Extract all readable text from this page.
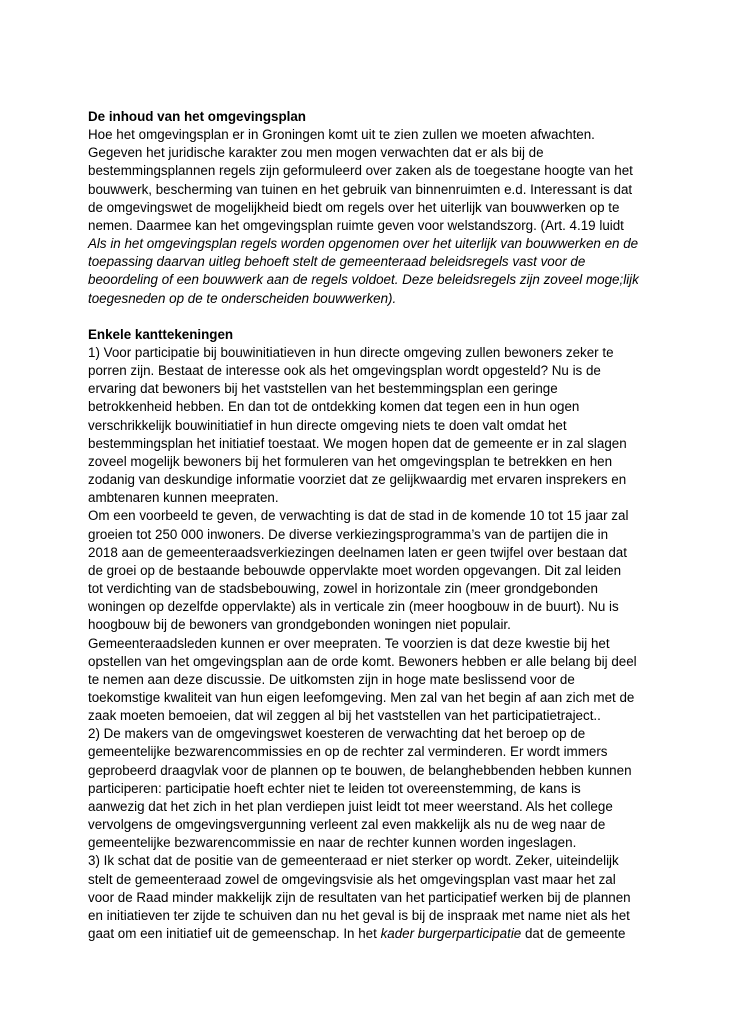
De inhoud van het omgevingsplan

Hoe het omgevingsplan er in Groningen komt uit te zien zullen we moeten afwachten.
Gegeven het juridische karakter zou men mogen verwachten dat er als bij de
bestemmingsplannen regels zijn geformuleerd over zaken als de toegestane hoogte van het
bouwwerk, bescherming van tuinen en het gebruik van binnenruimten e.d. Interessant is dat
de omgevingswet de mogelijkheid biedt om regels over het uiterlijk van bouwwerken op te
nemen. Daarmee kan het omgevingsplan ruimte geven voor welstandszorg. (Art. 4.19 luidt
Als in het omgevingsplan regels worden opgenomen over het uiterlijk van bouwwerken en de
toepassing daarvan uitleg behoeft stelt de gemeenteraad beleidsregels vast voor de
beoordeling of een bouwwerk aan de regels voldoet. Deze beleidsregels zijn zoveel moge;lijk
toegesneden op de te onderscheiden bouwwerken).

Enkele kanttekeningen

1) Voor participatie bij bouwinitiatieven in hun directe omgeving zullen bewoners zeker te
porren zijn. Bestaat de interesse ook als het omgevingsplan wordt opgesteld? Nu is de
ervaring dat bewoners bij het vaststellen van het bestemmingsplan een geringe
betrokkenheid hebben. En dan tot de ontdekking komen dat tegen een in hun ogen
verschrikkelijk bouwinitiatief in hun directe omgeving niets te doen valt omdat het
bestemmingsplan het initiatief toestaat. We mogen hopen dat de gemeente er in zal slagen
zoveel mogelijk bewoners bij het formuleren van het omgevingsplan te betrekken en hen
zodanig van deskundige informatie voorziet dat ze gelijkwaardig met ervaren insprekers en
ambtenaren kunnen meepraten.
Om een voorbeeld te geven, de verwachting is dat de stad in de komende 10 tot 15 jaar zal
groeien tot 250 000 inwoners. De diverse verkiezingsprogramma’s van de partijen die in
2018 aan de gemeenteraadsverkiezingen deelnamen laten er geen twijfel over bestaan dat
de groei op de bestaande bebouwde oppervlakte moet worden opgevangen. Dit zal leiden
tot verdichting van de stadsbebouwing, zowel in horizontale zin (meer grondgebonden
woningen op dezelfde oppervlakte) als in verticale zin (meer hoogbouw in de buurt). Nu is
hoogbouw bij de bewoners van grondgebonden woningen niet populair.
Gemeenteraadsleden kunnen er over meepraten. Te voorzien is dat deze kwestie bij het
opstellen van het omgevingsplan aan de orde komt. Bewoners hebben er alle belang bij deel
te nemen aan deze discussie. De uitkomsten zijn in hoge mate beslissend voor de
toekomstige kwaliteit van hun eigen leefomgeving. Men zal van het begin af aan zich met de
zaak moeten bemoeien, dat wil zeggen al bij het vaststellen van het participatietraject..
2) De makers van de omgevingswet koesteren de verwachting dat het beroep op de
gemeentelijke bezwarencommissies en op de rechter zal verminderen. Er wordt immers
geprobeerd draagvlak voor de plannen op te bouwen, de belanghebbenden hebben kunnen
participeren: participatie hoeft echter niet te leiden tot overeenstemming, de kans is
aanwezig dat het zich in het plan verdiepen juist leidt tot meer weerstand. Als het college
vervolgens de omgevingsvergunning verleent zal even makkelijk als nu de weg naar de
gemeentelijke bezwarencommissie en naar de rechter kunnen worden ingeslagen.
3) Ik schat dat de positie van de gemeenteraad er niet sterker op wordt. Zeker, uiteindelijk
stelt de gemeenteraad zowel de omgevingsvisie als het omgevingsplan vast maar het zal
voor de Raad minder makkelijk zijn de resultaten van het participatief werken bij de plannen
en initiatieven ter zijde te schuiven dan nu het geval is bij de inspraak met name niet als het
gaat om een initiatief uit de gemeenschap. In het kader burgerparticipatie dat de gemeente
